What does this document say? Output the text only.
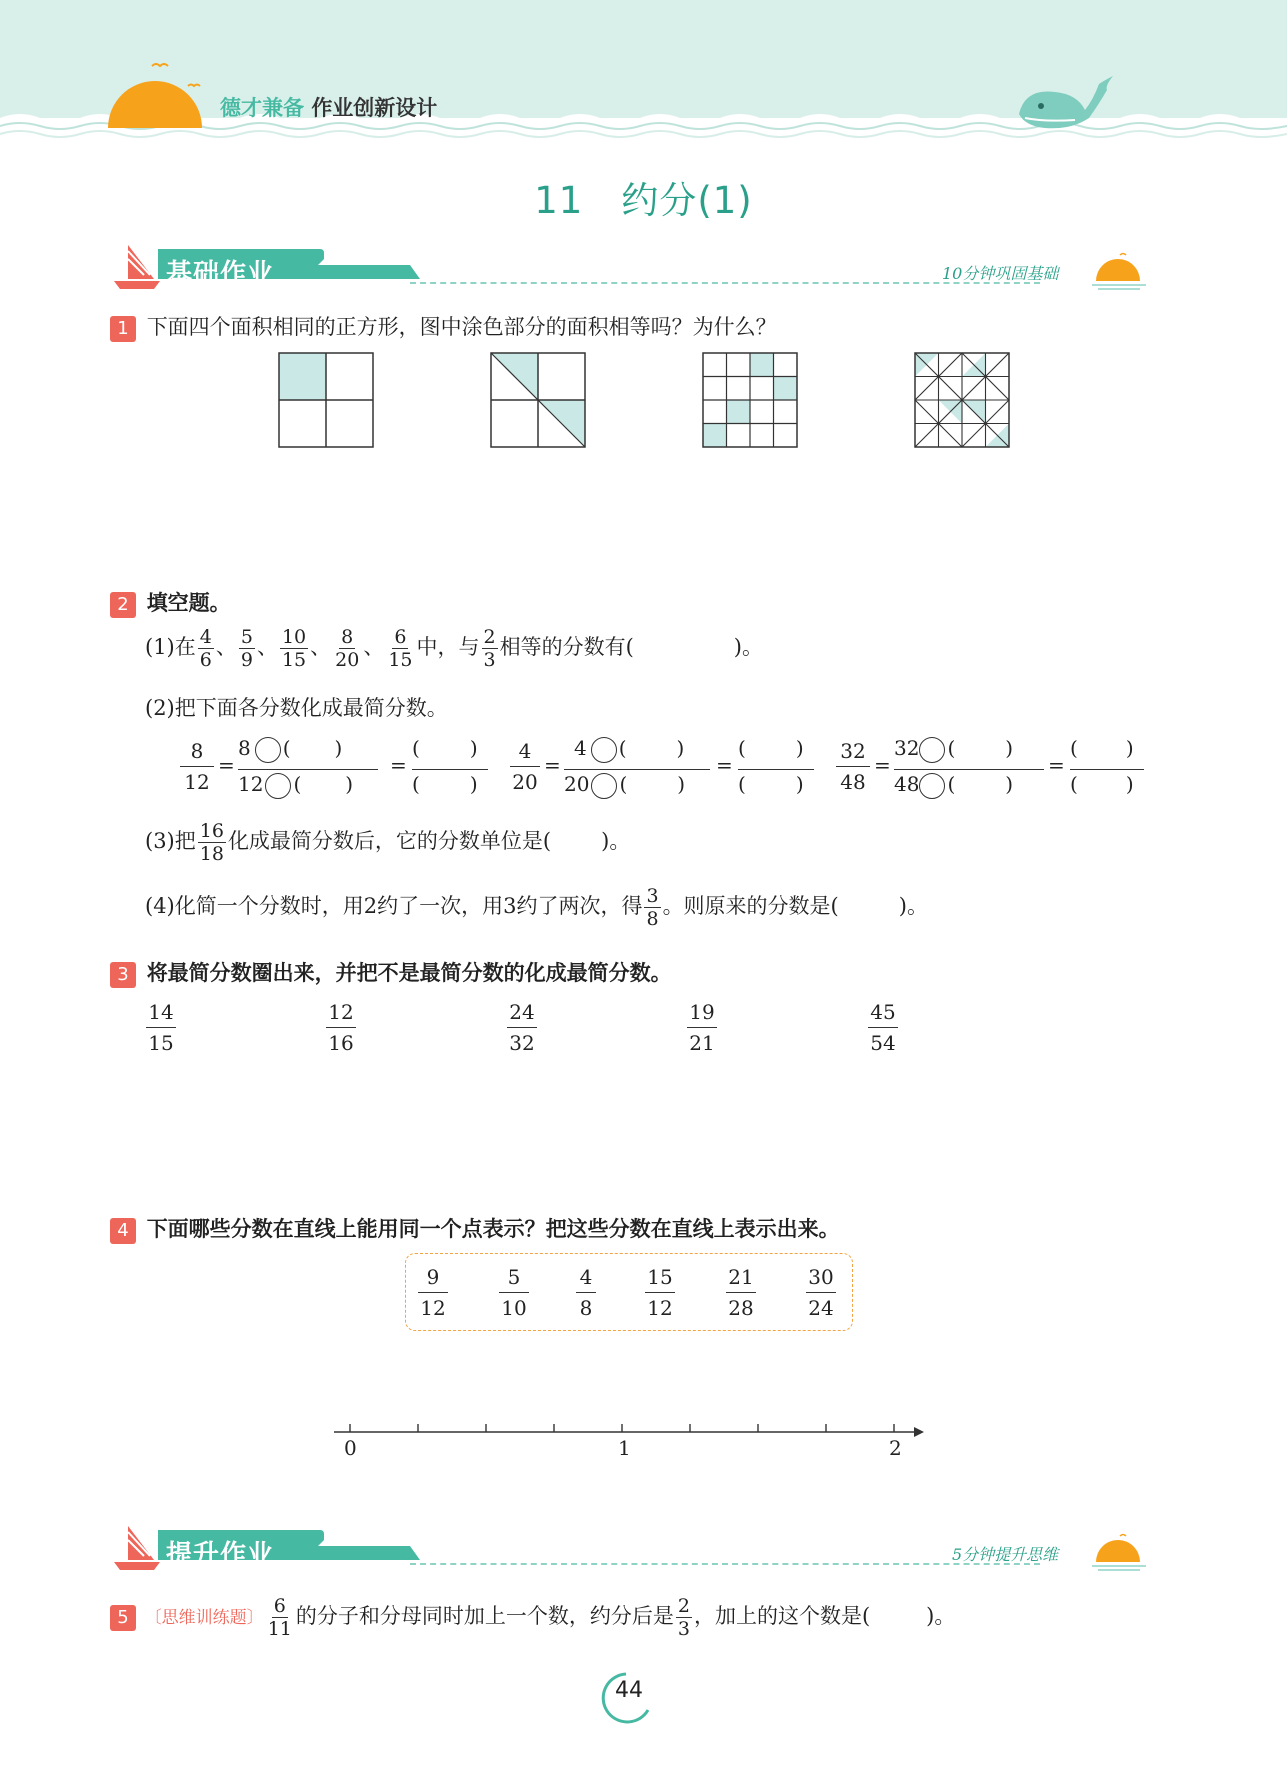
德才兼备 作业创新设计
11　约分(1)
基础作业	10分钟巩固基础
1 下面四个面积相同的正方形，图中涂色部分的面积相等吗？为什么？
2 填空题。
(1)在 $\frac{4}{6}$ 、 $\frac{5}{9}$ 、 $\frac{10}{15}$ 、 $\frac{8}{20}$ 、 $\frac{6}{15}$ 中，与 $\frac{2}{3}$ 相等的分数有(	)。
(2)把下面各分数化成最简分数。
$\frac{8}{12}$ =
8 ( )
12 ( )
=
(	)
(	) $\frac{4}{20}$ =
4 (	)
20 (	)
=
(	)
(	) $\frac{32}{48}$ =
32 (	)
48 (	)
=
( )
( )
(3)把 $\frac{16}{18}$ 化成最简分数后，它的分数单位是( )。
(4)化简一个分数时，用2约了一次，用3约了两次，得 $\frac{3}{8}$ 。则原来的分数是(	)。
3 将最简分数圈出来，并把不是最简分数的化成最简分数。
$\frac{14}{15}$	$\frac{12}{16}$	$\frac{24}{32}$	$\frac{19}{21}$	$\frac{45}{54}$
4 下面哪些分数在直线上能用同一个点表示？把这些分数在直线上表示出来。
$\frac{9}{12}$	$\frac{5}{10} \frac{4}{8} \frac{15}{12}$	$\frac{21}{28}$	$\frac{30}{24}$
0	1	2
提升作业	5分钟提升思维
5 〔思维训练题〕 $\frac{6}{11}$ 的分子和分母同时加上一个数，约分后是 $\frac{2}{3}$ ，加上的这个数是(	)。
44
